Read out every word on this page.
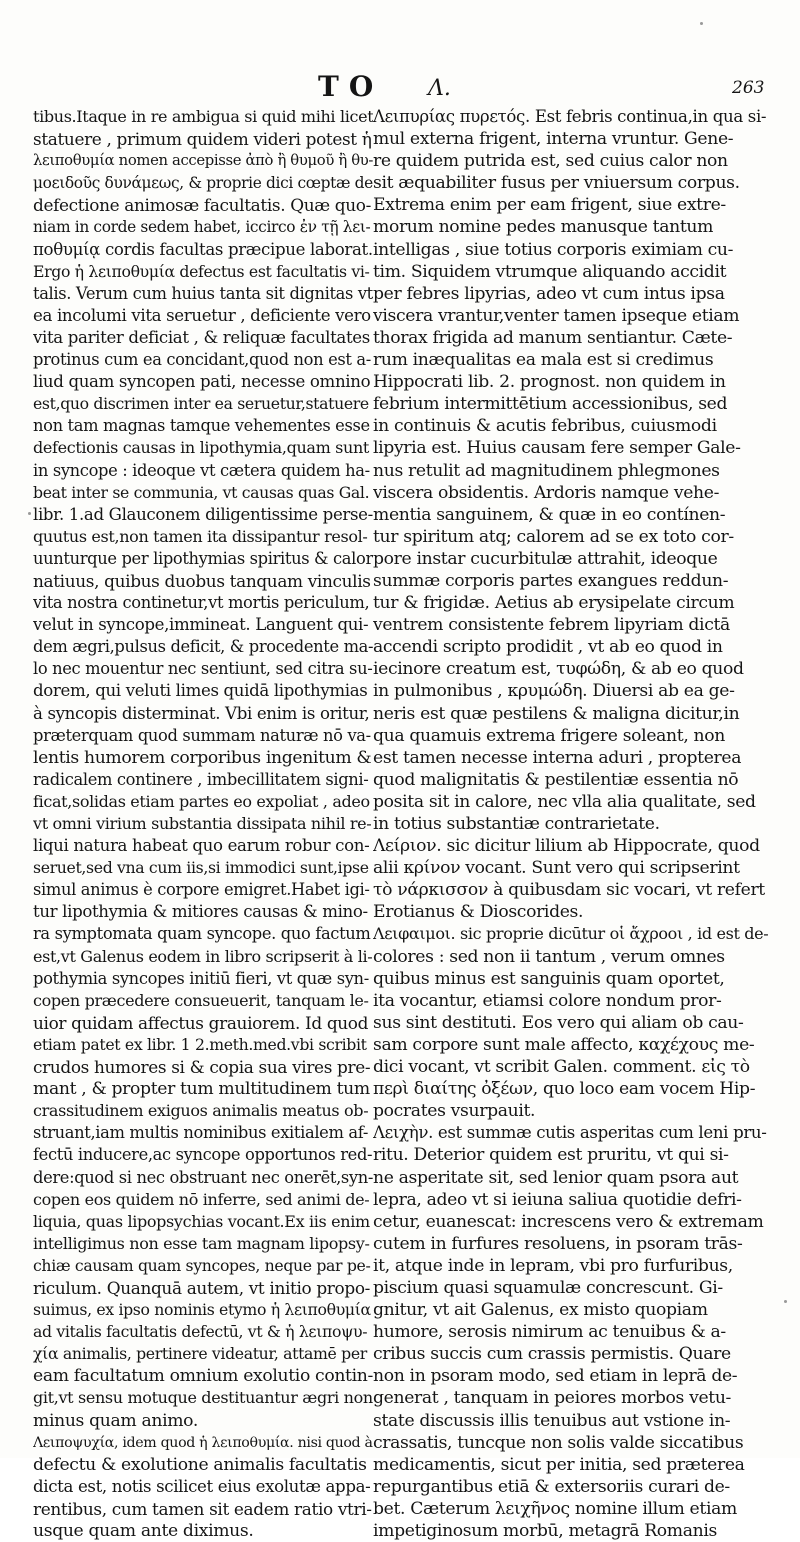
TO Λ.	263
tibus.Itaque in re ambigua si quid mihi licet
statuere , primum quidem videri potest ἡ
λειποθυμία nomen accepisse ἀπὸ ἢ θυμοῦ ἢ θυ-
μοειδοῦς δυνάμεως, & proprie dici cœptæ de
defectione animosæ facultatis. Quæ quo-
niam in corde sedem habet, iccirco ἐν τῇ λει-
ποθυμίᾳ cordis facultas præcipue laborat.
Ergo ἡ λειποθυμία defectus est facultatis vi-
talis. Verum cum huius tanta sit dignitas vt
ea incolumi vita seruetur , deficiente vero
vita pariter deficiat , & reliquæ facultates
protinus cum ea concidant,quod non est a-
liud quam syncopen pati, necesse omnino
est,quo discrimen inter ea seruetur,statuere
non tam magnas tamque vehementes esse
defectionis causas in lipothymia,quam sunt
in syncope : ideoque vt cætera quidem ha-
beat inter se communia, vt causas quas Gal.
libr. 1.ad Glauconem diligentissime perse-
quutus est,non tamen ita dissipantur resol-
uunturque per lipothymias spiritus & calor
natiuus, quibus duobus tanquam vinculis
vita nostra continetur,vt mortis periculum,
velut in syncope,immineat. Languent qui-
dem ægri,pulsus deficit, & procedente ma-
lo nec mouentur nec sentiunt, sed citra su-
dorem, qui veluti limes quidā lipothymias
à syncopis disterminat. Vbi enim is oritur,
præterquam quod summam naturæ nō va-
lentis humorem corporibus ingenitum &
radicalem continere , imbecillitatem signi-
ficat,solidas etiam partes eo expoliat , adeo
vt omni virium substantia dissipata nihil re-
liqui natura habeat quo earum robur con-
seruet,sed vna cum iis,si immodici sunt,ipse
simul animus è corpore emigret.Habet igi-
tur lipothymia & mitiores causas & mino-
ra symptomata quam syncope. quo factum
est,vt Galenus eodem in libro scripserit à li-
pothymia syncopes initiū fieri, vt quæ syn-
copen præcedere consueuerit, tanquam le-
uior quidam affectus grauiorem. Id quod
etiam patet ex libr. 1 2.meth.med.vbi scribit
crudos humores si & copia sua vires pre-
mant , & propter tum multitudinem tum
crassitudinem exiguos animalis meatus ob-
struant,iam multis nominibus exitialem af-
fectū inducere,ac syncope opportunos red-
dere:quod si nec obstruant nec onerēt,syn-
copen eos quidem nō inferre, sed animi de-
liquia, quas lipopsychias vocant.Ex iis enim
intelligimus non esse tam magnam lipopsy-
chiæ causam quam syncopes, neque par pe-
riculum. Quanquā autem, vt initio propo-
suimus, ex ipso nominis etymo ἡ λειποθυμία
ad vitalis facultatis defectū, vt & ἡ λειποψυ-
χία animalis, pertinere videatur, attamē per
eam facultatum omnium exolutio contin-
git,vt sensu motuque destituantur ægri non
minus quam animo.
Λειποψυχία, idem quod ἡ λειποθυμία. nisi quod à
defectu & exolutione animalis facultatis
dicta est, notis scilicet eius exolutæ appa-
rentibus, cum tamen sit eadem ratio vtri-
usque quam ante diximus.
Λειπυρίας πυρετός. Est febris continua,in qua si-
mul externa frigent, interna vruntur. Gene-
re quidem putrida est, sed cuius calor non
sit æquabiliter fusus per vniuersum corpus.
Extrema enim per eam frigent, siue extre-
morum nomine pedes manusque tantum
intelligas , siue totius corporis eximiam cu-
tim. Siquidem vtrumque aliquando accidit
per febres lipyrias, adeo vt cum intus ipsa
viscera vrantur,venter tamen ipseque etiam
thorax frigida ad manum sentiantur. Cæte-
rum inæqualitas ea mala est si credimus
Hippocrati lib. 2. prognost. non quidem in
febrium intermittētium accessionibus, sed
in continuis & acutis febribus, cuiusmodi
lipyria est. Huius causam fere semper Gale-
nus retulit ad magnitudinem phlegmones
viscera obsidentis. Ardoris namque vehe-
mentia sanguinem, & quæ in eo contínen-
tur spiritum atq; calorem ad se ex toto cor-
pore instar cucurbitulæ attrahit, ideoque
summæ corporis partes exangues reddun-
tur & frigidæ. Aetius ab erysipelate circum
ventrem consistente febrem lipyriam dictā
accendi scripto prodidit , vt ab eo quod in
iecinore creatum est, τυφώδη, & ab eo quod
in pulmonibus , κρυμώδη. Diuersi ab ea ge-
neris est quæ pestilens & maligna dicitur,in
qua quamuis extrema frigere soleant, non
est tamen necesse interna aduri , propterea
quod malignitatis & pestilentiæ essentia nō
posita sit in calore, nec vlla alia qualitate, sed
in totius substantiæ contrarietate.
Λείριον. sic dicitur lilium ab Hippocrate, quod
alii κρίνον vocant. Sunt vero qui scripserint
τὸ νάρκισσον à quibusdam sic vocari, vt refert
Erotianus & Dioscorides.
Λειφαιμοι. sic proprie dicūtur οἱ ἄχροοι , id est de-
colores : sed non ii tantum , verum omnes
quibus minus est sanguinis quam oportet,
ita vocantur, etiamsi colore nondum pror-
sus sint destituti. Eos vero qui aliam ob cau-
sam corpore sunt male affecto, καχέχους me-
dici vocant, vt scribit Galen. comment. εἰς τὸ
περὶ διαίτης ὀξέων, quo loco eam vocem Hip-
pocrates vsurpauit.
Λειχὴν. est summæ cutis asperitas cum leni pru-
ritu. Deterior quidem est pruritu, vt qui si-
ne asperitate sit, sed lenior quam psora aut
lepra, adeo vt si ieiuna saliua quotidie defri-
cetur, euanescat: increscens vero & extremam
cutem in furfures resoluens, in psoram trās-
it, atque inde in lepram, vbi pro furfuribus,
piscium quasi squamulæ concrescunt. Gi-
gnitur, vt ait Galenus, ex misto quopiam
humore, serosis nimirum ac tenuibus & a-
cribus succis cum crassis permistis. Quare
non in psoram modo, sed etiam in leprā de-
generat , tanquam in peiores morbos vetu-
state discussis illis tenuibus aut vstione in-
crassatis, tuncque non solis valde siccatibus
medicamentis, sicut per initia, sed præterea
repurgantibus etiā & extersoriis curari de-
bet. Cæterum λειχῆνος nomine illum etiam
impetiginosum morbū, metagrā Romanis
